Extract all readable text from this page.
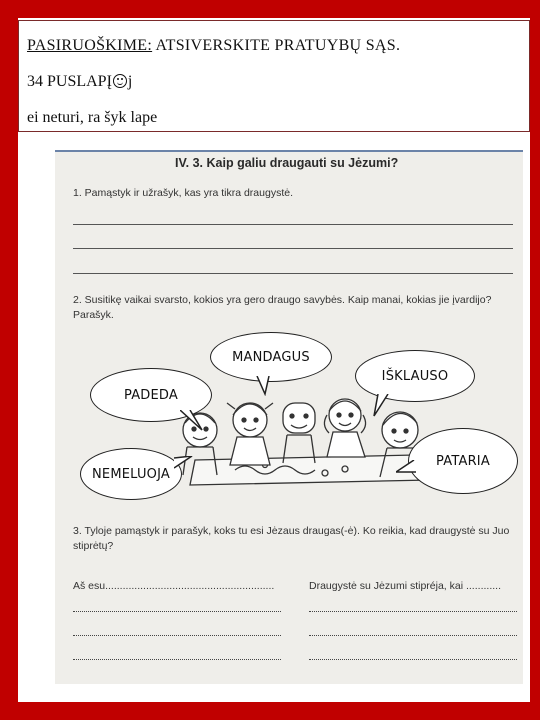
PASIRUOŠKIME: ATSIVERSKITE PRATUYBŲ SĄS.
34 PUSLAPĮ j
ei neturi, ra šyk lape
IV. 3. Kaip galiu draugauti su Jėzumi?
1. Pamąstyk ir užrašyk, kas yra tikra draugystė.
2. Susitikę vaikai svarsto, kokios yra gero draugo savybės. Kaip manai, kokias jie įvardijo? Parašyk.
3. Tyloje pamąstyk ir parašyk, koks tu esi Jėzaus draugas(-ė). Ko reikia, kad draugystė su Juo stiprėtų?
Aš esu..........................................................	Draugystė su Jėzumi stipréja, kai ............
MANDAGUS
IŠKLAUSO
PADEDA
PATARIA
NEMELUOJA
